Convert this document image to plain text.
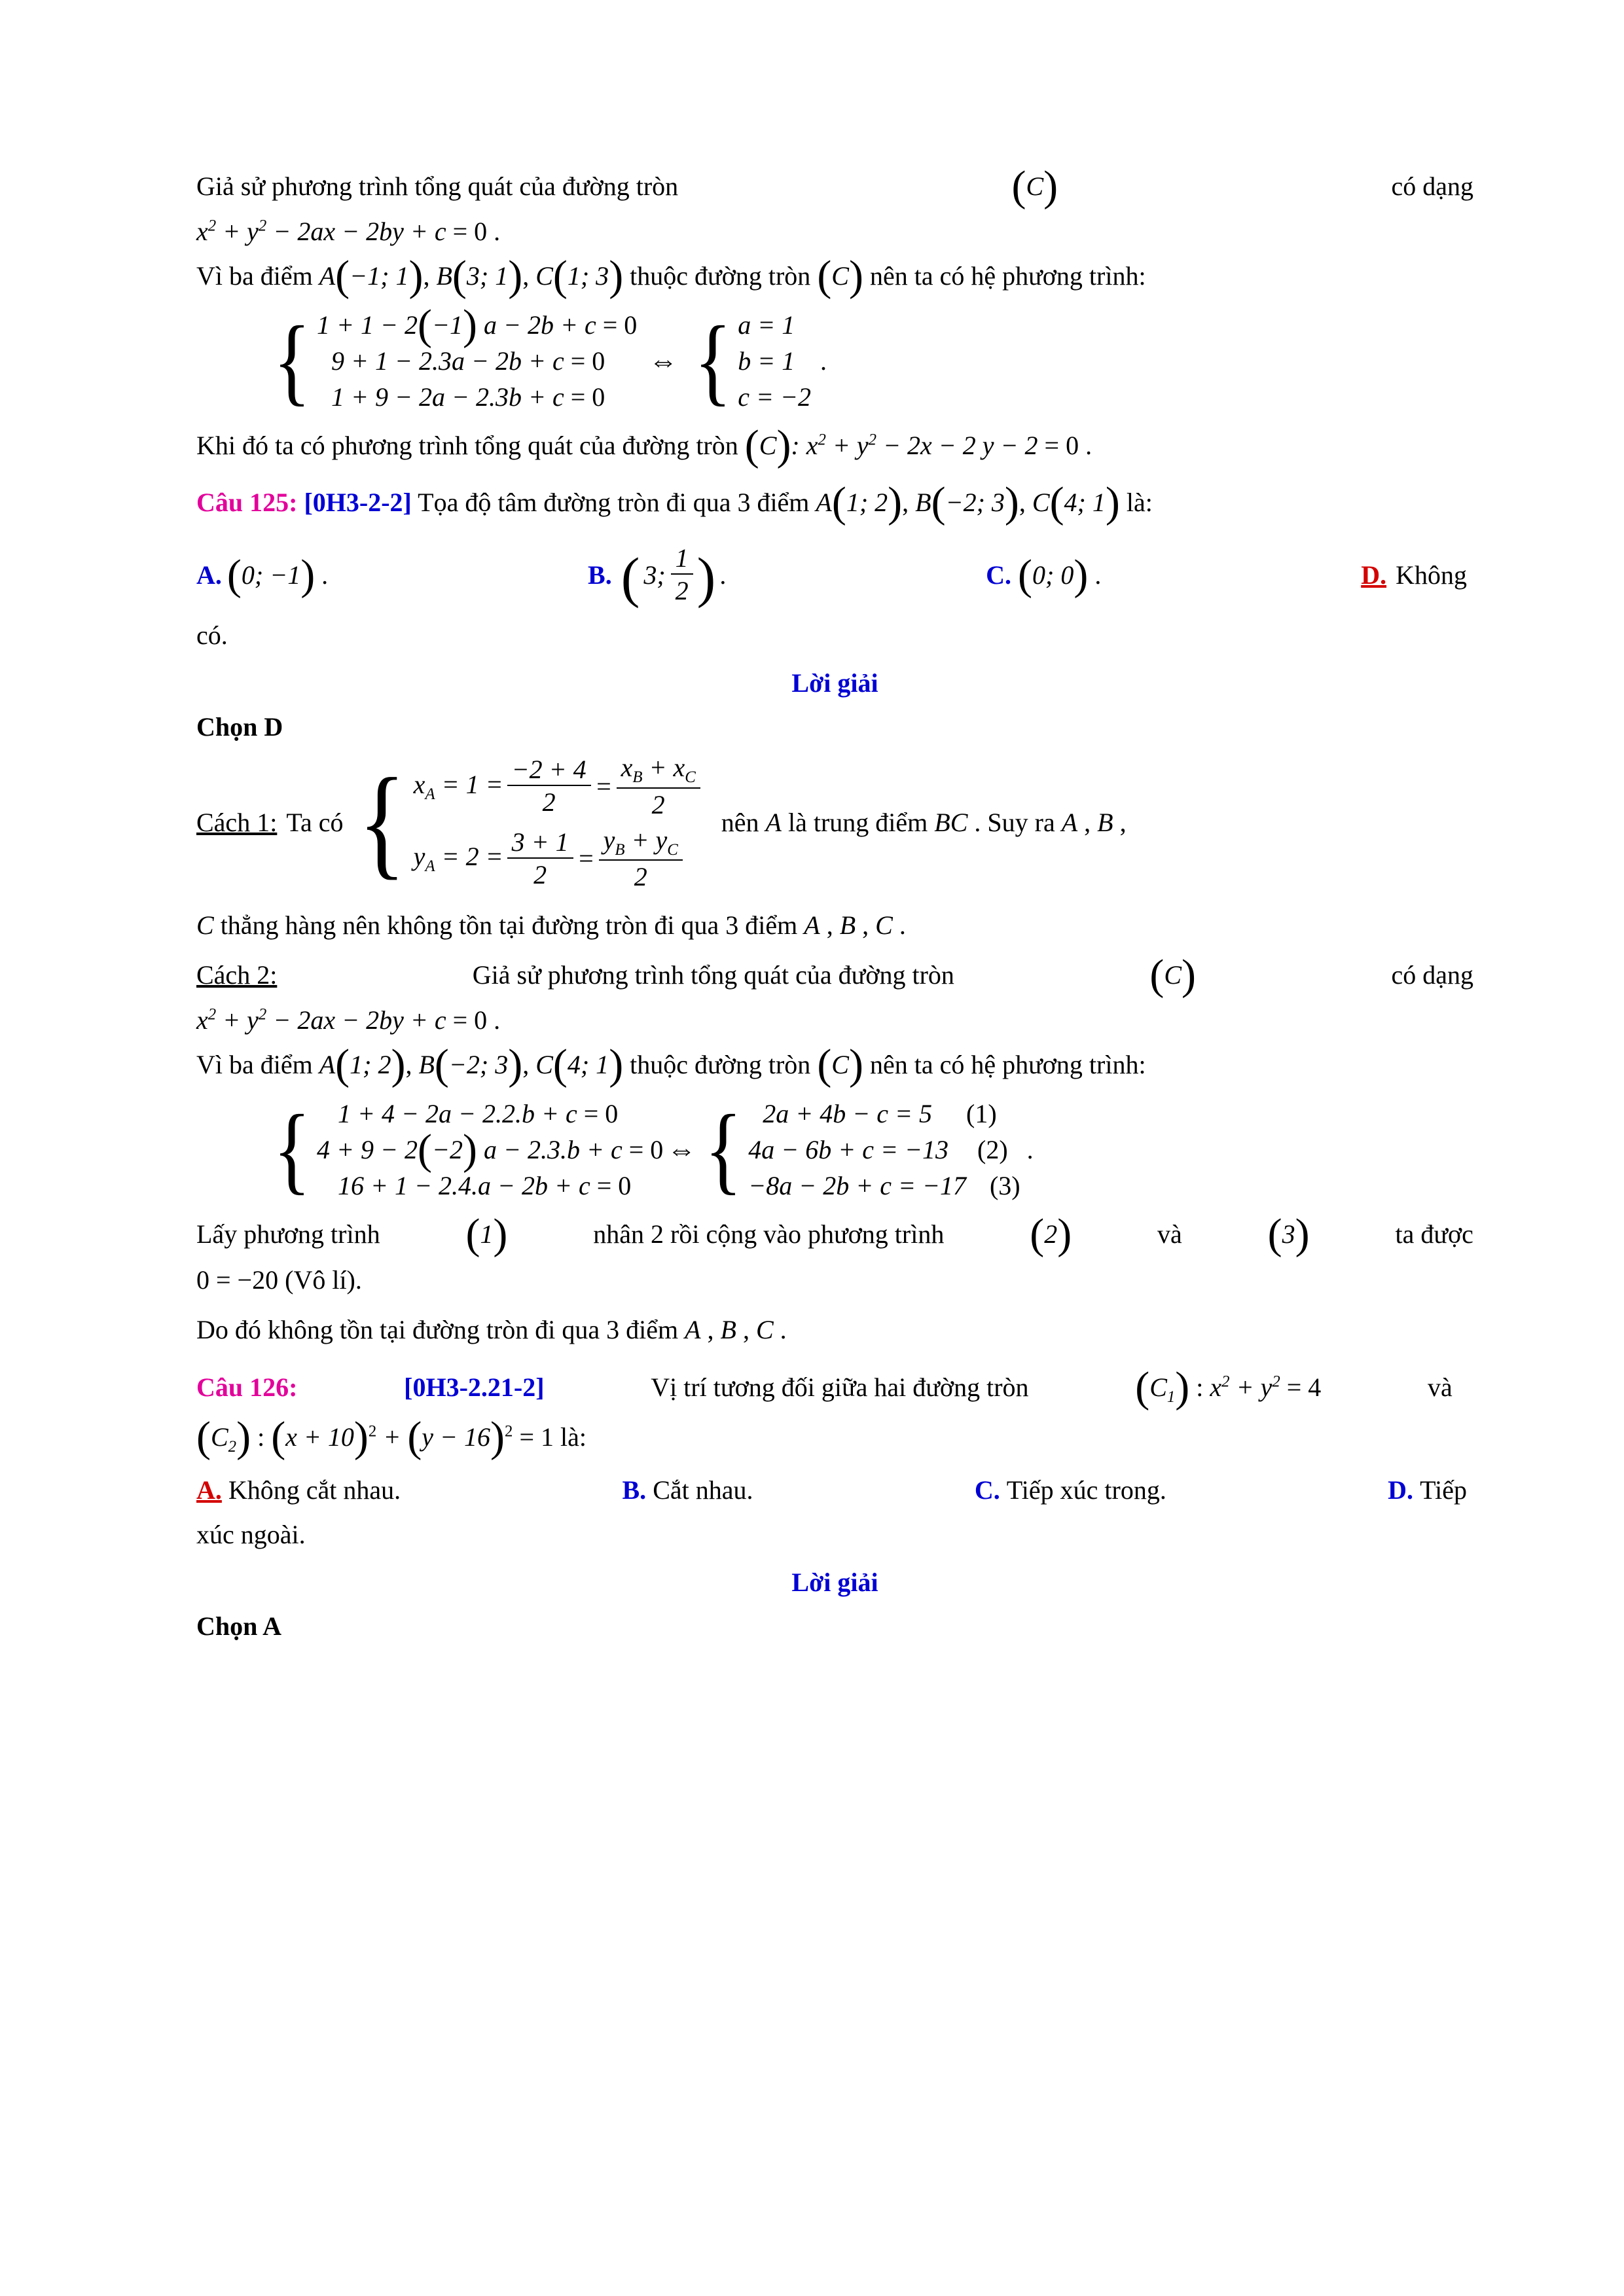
Giả sử phương trình tổng quát của đường tròn	(C)	có dạng
$x^2 + y^2 - 2ax - 2by + c = 0$ .
Vì ba điểm A(−1; 1), B(3; 1), C(1; 3) thuộc đường tròn (C) nên ta có hệ phương trình:
{ 1 + 1 − 2(−1) a − 2b + c = 0
9 + 1 − 2.3a − 2b + c = 0
1 + 9 − 2a − 2.3b + c = 0
⇔ { a = 1
b = 1
c = −2
.
Khi đó ta có phương trình tổng quát của đường tròn (C): $x^2 + y^2 - 2x - 2$ y − 2 = 0 .
Câu 125: [0H3-2-2] Tọa độ tâm đường tròn đi qua 3 điểm A(1; 2), B(−2; 3), C(4; 1) là:
A. (0; −1) .	B. ( 3; $\frac{1}{2}$ ) .	C. (0; 0) .	D. Không
có.
Lời giải
Chọn D
Cách 1: Ta có { $x_A = 1 = \frac{-2 + 4}{2} = \frac{x_B + x_C}{2}$
$y_A = 2 = \frac{3 + 1}{2} = \frac{y_B + y_C}{2}$
nên A là trung điểm BC . Suy ra A , B ,
C thẳng hàng nên không tồn tại đường tròn đi qua 3 điểm A , B , C .
Cách 2:	Giả sử phương trình tổng quát của đường tròn	(C)	có dạng
$x^2 + y^2 - 2ax - 2by + c = 0$ .
Vì ba điểm A(1; 2), B(−2; 3), C(4; 1) thuộc đường tròn (C) nên ta có hệ phương trình:
{	1 + 4 − 2a − 2.2.b + c = 0
4 + 9 − 2(−2) a − 2.3.b + c = 0
16 + 1 − 2.4.a − 2b + c = 0
⇔ { 2a + 4b − c = 5 (1)
4a − 6b + c = −13 (2)
−8a − 2b + c = −17 (3)
.
Lấy phương trình (1)	nhân 2 rồi cộng vào phương trình (2)	và (3)	ta được
0 = −20 (Vô lí).
Do đó không tồn tại đường tròn đi qua 3 điểm A , B , C .
Câu 126:	[0H3-2.21-2]	Vị trí tương đối giữa hai đường tròn $(C_1)$ : $x^2 + y^2 = 4$	và
$(C_2)$ : $(x + 10)^2 + (y - 16)^2 = 1$ là:
A. Không cắt nhau.	B. Cắt nhau.	C. Tiếp xúc trong.	D. Tiếp
xúc ngoài.
Lời giải
Chọn A
